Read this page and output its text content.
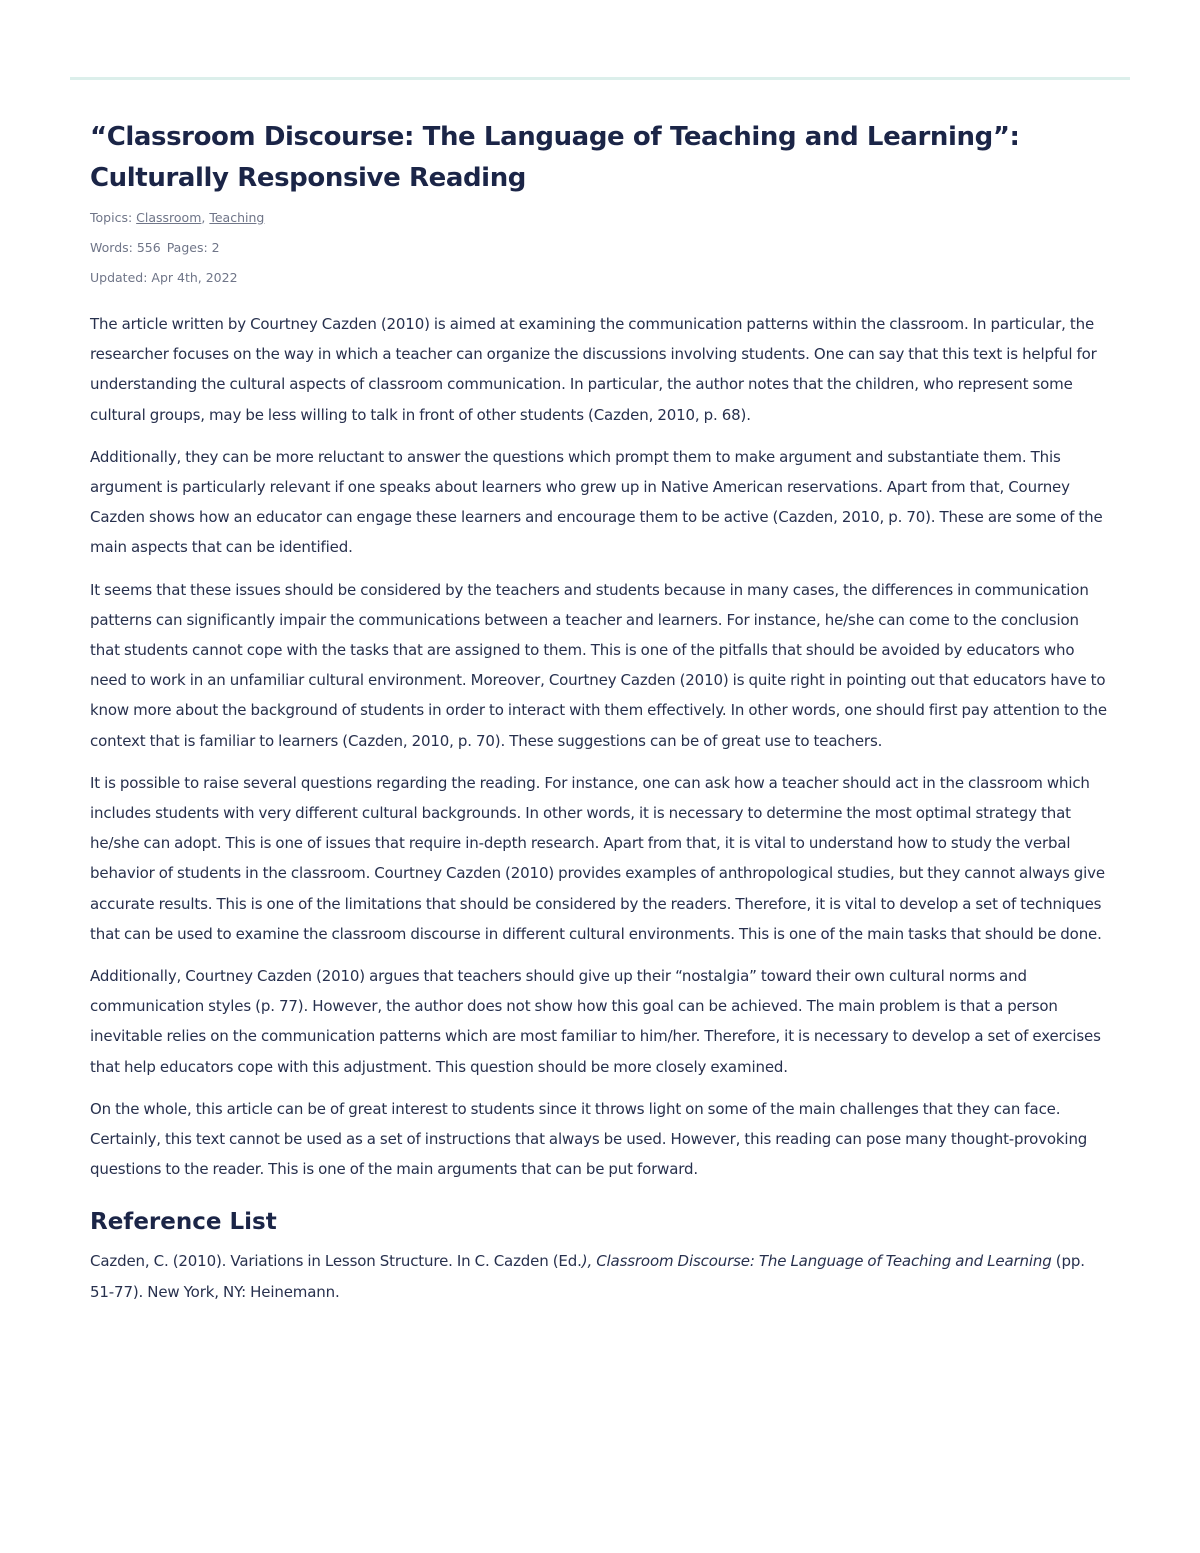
“Classroom Discourse: The Language of Teaching and Learning”: Culturally Responsive Reading
Topics: Classroom, Teaching
Words: 556 Pages: 2
Updated: Apr 4th, 2022

The article written by Courtney Cazden (2010) is aimed at examining the communication patterns within the classroom. In particular, the researcher focuses on the way in which a teacher can organize the discussions involving students. One can say that this text is helpful for understanding the cultural aspects of classroom communication. In particular, the author notes that the children, who represent some cultural groups, may be less willing to talk in front of other students (Cazden, 2010, p. 68).

Additionally, they can be more reluctant to answer the questions which prompt them to make argument and substantiate them. This argument is particularly relevant if one speaks about learners who grew up in Native American reservations. Apart from that, Courney Cazden shows how an educator can engage these learners and encourage them to be active (Cazden, 2010, p. 70). These are some of the main aspects that can be identified.

It seems that these issues should be considered by the teachers and students because in many cases, the differences in communication patterns can significantly impair the communications between a teacher and learners. For instance, he/she can come to the conclusion that students cannot cope with the tasks that are assigned to them. This is one of the pitfalls that should be avoided by educators who need to work in an unfamiliar cultural environment. Moreover, Courtney Cazden (2010) is quite right in pointing out that educators have to know more about the background of students in order to interact with them effectively. In other words, one should first pay attention to the context that is familiar to learners (Cazden, 2010, p. 70). These suggestions can be of great use to teachers.

It is possible to raise several questions regarding the reading. For instance, one can ask how a teacher should act in the classroom which includes students with very different cultural backgrounds. In other words, it is necessary to determine the most optimal strategy that he/she can adopt. This is one of issues that require in-depth research. Apart from that, it is vital to understand how to study the verbal behavior of students in the classroom. Courtney Cazden (2010) provides examples of anthropological studies, but they cannot always give accurate results. This is one of the limitations that should be considered by the readers. Therefore, it is vital to develop a set of techniques that can be used to examine the classroom discourse in different cultural environments. This is one of the main tasks that should be done.

Additionally, Courtney Cazden (2010) argues that teachers should give up their “nostalgia” toward their own cultural norms and communication styles (p. 77). However, the author does not show how this goal can be achieved. The main problem is that a person inevitable relies on the communication patterns which are most familiar to him/her. Therefore, it is necessary to develop a set of exercises that help educators cope with this adjustment. This question should be more closely examined.

On the whole, this article can be of great interest to students since it throws light on some of the main challenges that they can face. Certainly, this text cannot be used as a set of instructions that always be used. However, this reading can pose many thought-provoking questions to the reader. This is one of the main arguments that can be put forward.

Reference List

Cazden, C. (2010). Variations in Lesson Structure. In C. Cazden (Ed.), Classroom Discourse: The Language of Teaching and Learning (pp. 51-77). New York, NY: Heinemann.
